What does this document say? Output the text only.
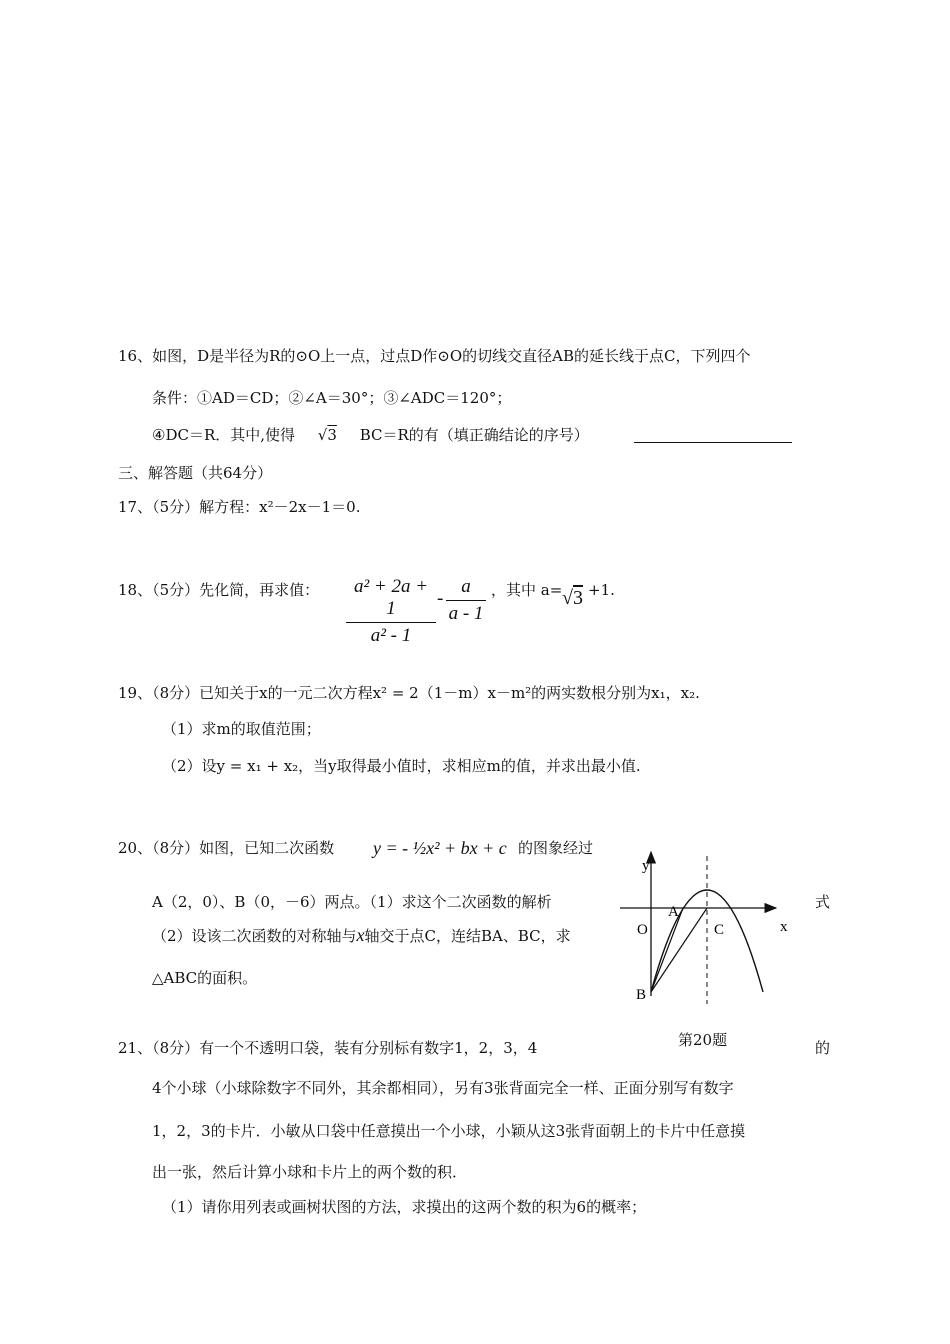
16、如图，D是半径为R的⊙O上一点，过点D作⊙O的切线交直径AB的延长线于点C，下列四个
条件：①AD＝CD；②∠A＝30°；③∠ADC＝120°；
④DC＝R．其中,使得 √3 BC＝R的有（填正确结论的序号）
三、解答题（共64分）
17、（5分）解方程：x²－2x－1＝0.
18、（5分）先化简，再求值： $\frac{\text{a² + 2a + 1}}{\text{a² - 1}} - \frac{a}{a - 1}$ ，其中 a= √3 +1.
19、（8分）已知关于x的一元二次方程x² = 2（1－m）x－m²的两实数根分别为x₁，x₂.
（1）求m的取值范围；
（2）设y = x₁ + x₂，当y取得最小值时，求相应m的值，并求出最小值.
20、（8分）如图，已知二次函数 y = - ½x² + bx + c 的图象经过
A（2，0）、B（0，－6）两点。（1）求这个二次函数的解析	式
（2）设该二次函数的对称轴与x轴交于点C，连结BA、BC，求
△ABC的面积。
y
x
O
A
C
B
第20题
21、（8分）有一个不透明口袋，装有分别标有数字1，2，3，4	的
4个小球（小球除数字不同外，其余都相同），另有3张背面完全一样、正面分别写有数字
1，2，3的卡片．小敏从口袋中任意摸出一个小球，小颖从这3张背面朝上的卡片中任意摸
出一张，然后计算小球和卡片上的两个数的积．
（1）请你用列表或画树状图的方法，求摸出的这两个数的积为6的概率；
